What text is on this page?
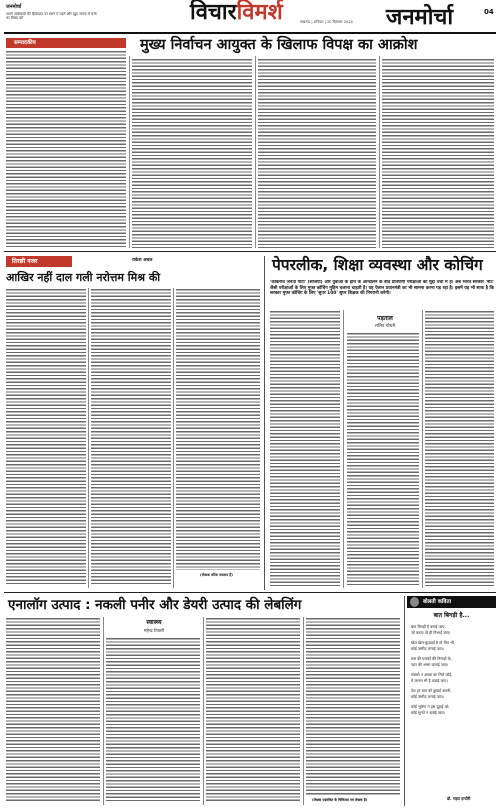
जनमोर्चा
अपने अधिकारों की हिफ़ाज़त पर ध्यान दें पढ़ने और खुद जनता में चर्चा का विषय बनें	विचारविमर्श	लखनऊ | शनिवार | 20 दिसम्बर 2025 जनमोर्चा	04
सम्पादकीय	मुख्य निर्वाचन आयुक्त के खिलाफ विपक्ष का आक्रोश
तिरछी नजर	राकेश अचल
आखिर नहीं दाल गली नरोत्तम मिश्र की
(लेखक वरिष्ठ पत्रकार हैं)
पेपरलीक, शिक्षा व्यवस्था और कोचिंग
'कॉकरोच जनता पार्टी' (सीजेपी) और युवाओं के हाथ के आन्दोलन के बाद प्रतियोगी परीक्षाओं का मुद्दा चर्चा में है। अब भारत सरकार 'नीट' जैसी परीक्षाओं के लिए मुफ्त कोचिंग मुहिम चलाना चाहती है। यह ऐलान प्रधानमंत्री का भी सामना करना पड़ रहा है। इसमें यह भी साफ है कि सरकार मुफ्त कोचिंग के लिए 'सुपर 100' सुपर शिक्षक की निगरानी करेगी।
पड़ताल
ललित चौधरी
एनालॉग उत्पाद : नकली पनीर और डेयरी उत्पाद की लेबलिंग
स्वास्थ्य
महेन्द्र तिवारी
(लेखक एडवोकेट के चिकित्सा एवं लेखक हैं)
बोलती कविता
बात बिगड़ी है...
बात बिगड़ी है बनाई जाए,
जो कराए तो ही निभाई जाए।
खेल-खेल-कूदवाई है तो फिर भी,
कोई उम्मीद जगाई जाए।
सच की पलकों की निगाहों के,
प्यार की शम्मा जलाई जाए।
सबको न अच्छा का मिले कोई,
ये जानम भी है लड़ाई जाए।
देश हर बात को छुपाई अपनी,
कोई उम्मीद जगाई जाए।
कोई भूलेगा न इस दुहाई को,
कोई सुनते न बताई जाए।
डॉ. राहत इन्दौरी
